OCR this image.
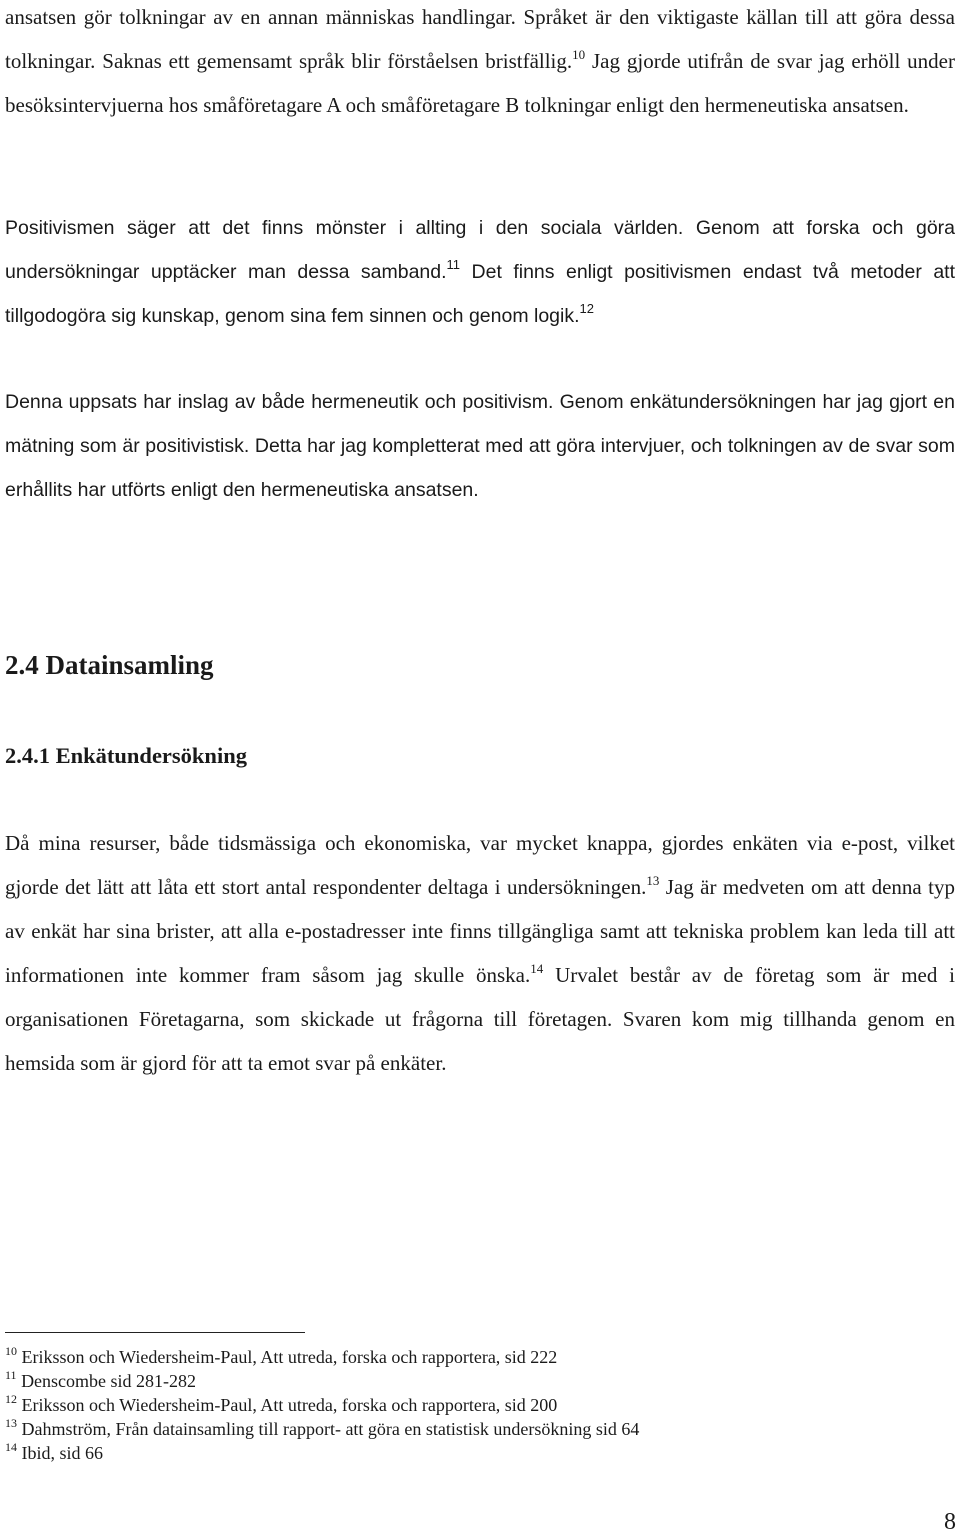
ansatsen gör tolkningar av en annan människas handlingar. Språket är den viktigaste källan till att göra dessa tolkningar. Saknas ett gemensamt språk blir förståelsen bristfällig.$^{10}$ Jag gjorde utifrån de svar jag erhöll under besöksintervjuerna hos småföretagare A och småföretagare B tolkningar enligt den hermeneutiska ansatsen.

Positivismen säger att det finns mönster i allting i den sociala världen. Genom att forska och göra undersökningar upptäcker man dessa samband.$^{11}$ Det finns enligt positivismen endast två metoder att tillgodogöra sig kunskap, genom sina fem sinnen och genom logik.$^{12}$

Denna uppsats har inslag av både hermeneutik och positivism. Genom enkätundersökningen har jag gjort en mätning som är positivistisk. Detta har jag kompletterat med att göra intervjuer, och tolkningen av de svar som erhållits har utförts enligt den hermeneutiska ansatsen.

2.4 Datainsamling
2.4.1 Enkätundersökning

Då mina resurser, både tidsmässiga och ekonomiska, var mycket knappa, gjordes enkäten via e-post, vilket gjorde det lätt att låta ett stort antal respondenter deltaga i undersökningen.$^{13}$ Jag är medveten om att denna typ av enkät har sina brister, att alla e-postadresser inte finns tillgängliga samt att tekniska problem kan leda till att informationen inte kommer fram såsom jag skulle önska.$^{14}$ Urvalet består av de företag som är med i organisationen Företagarna, som skickade ut frågorna till företagen. Svaren kom mig tillhanda genom en hemsida som är gjord för att ta emot svar på enkäter.

$^{10}$ Eriksson och Wiedersheim-Paul, Att utreda, forska och rapportera, sid 222
$^{11}$ Denscombe sid 281-282
$^{12}$ Eriksson och Wiedersheim-Paul, Att utreda, forska och rapportera, sid 200
$^{13}$ Dahmström, Från datainsamling till rapport- att göra en statistisk undersökning sid 64
$^{14}$ Ibid, sid 66
8
